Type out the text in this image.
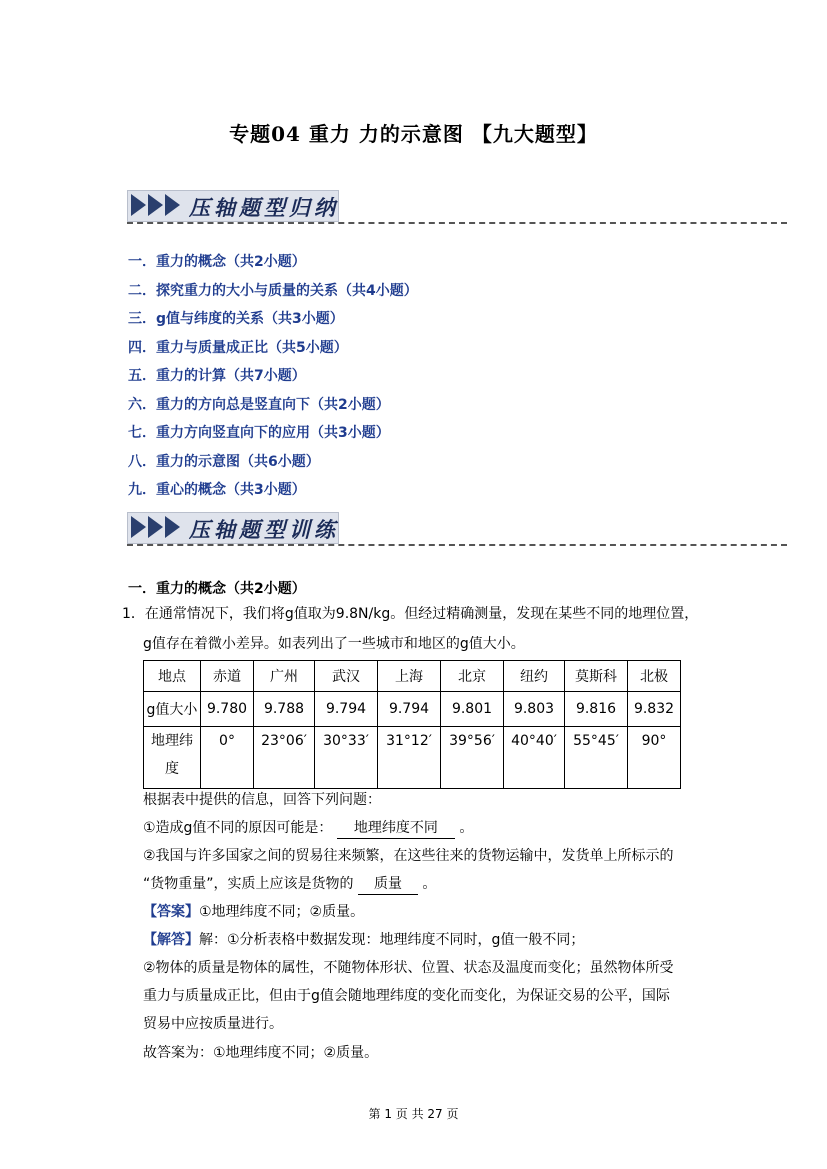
专题04 重力 力的示意图 【九大题型】
压轴题型归纳
一．重力的概念（共2小题）
二．探究重力的大小与质量的关系（共4小题）
三．g值与纬度的关系（共3小题）
四．重力与质量成正比（共5小题）
五．重力的计算（共7小题）
六．重力的方向总是竖直向下（共2小题）
七．重力方向竖直向下的应用（共3小题）
八．重力的示意图（共6小题）
九．重心的概念（共3小题）
压轴题型训练
一．重力的概念（共2小题）
1．在通常情况下，我们将g值取为9.8N/kg。但经过精确测量，发现在某些不同的地理位置，
g值存在着微小差异。如表列出了一些城市和地区的g值大小。
地点	赤道	广州	武汉	上海	北京	纽约	莫斯科	北极
g值大小	9.780	9.788	9.794	9.794	9.801	9.803	9.816	9.832

地理纬
度	0°	23°06′	30°33′	31°12′	39°56′	40°40′	55°45′	90°
根据表中提供的信息，回答下列问题：
①造成g值不同的原因可能是： 地理纬度不同 。
②我国与许多国家之间的贸易往来频繁，在这些往来的货物运输中，发货单上所标示的
“货物重量”，实质上应该是货物的 质量 。
【答案】①地理纬度不同；②质量。
【解答】解：①分析表格中数据发现：地理纬度不同时，g值一般不同；
②物体的质量是物体的属性，不随物体形状、位置、状态及温度而变化；虽然物体所受
重力与质量成正比，但由于g值会随地理纬度的变化而变化，为保证交易的公平，国际
贸易中应按质量进行。
故答案为：①地理纬度不同；②质量。
第 1 页 共 27 页
